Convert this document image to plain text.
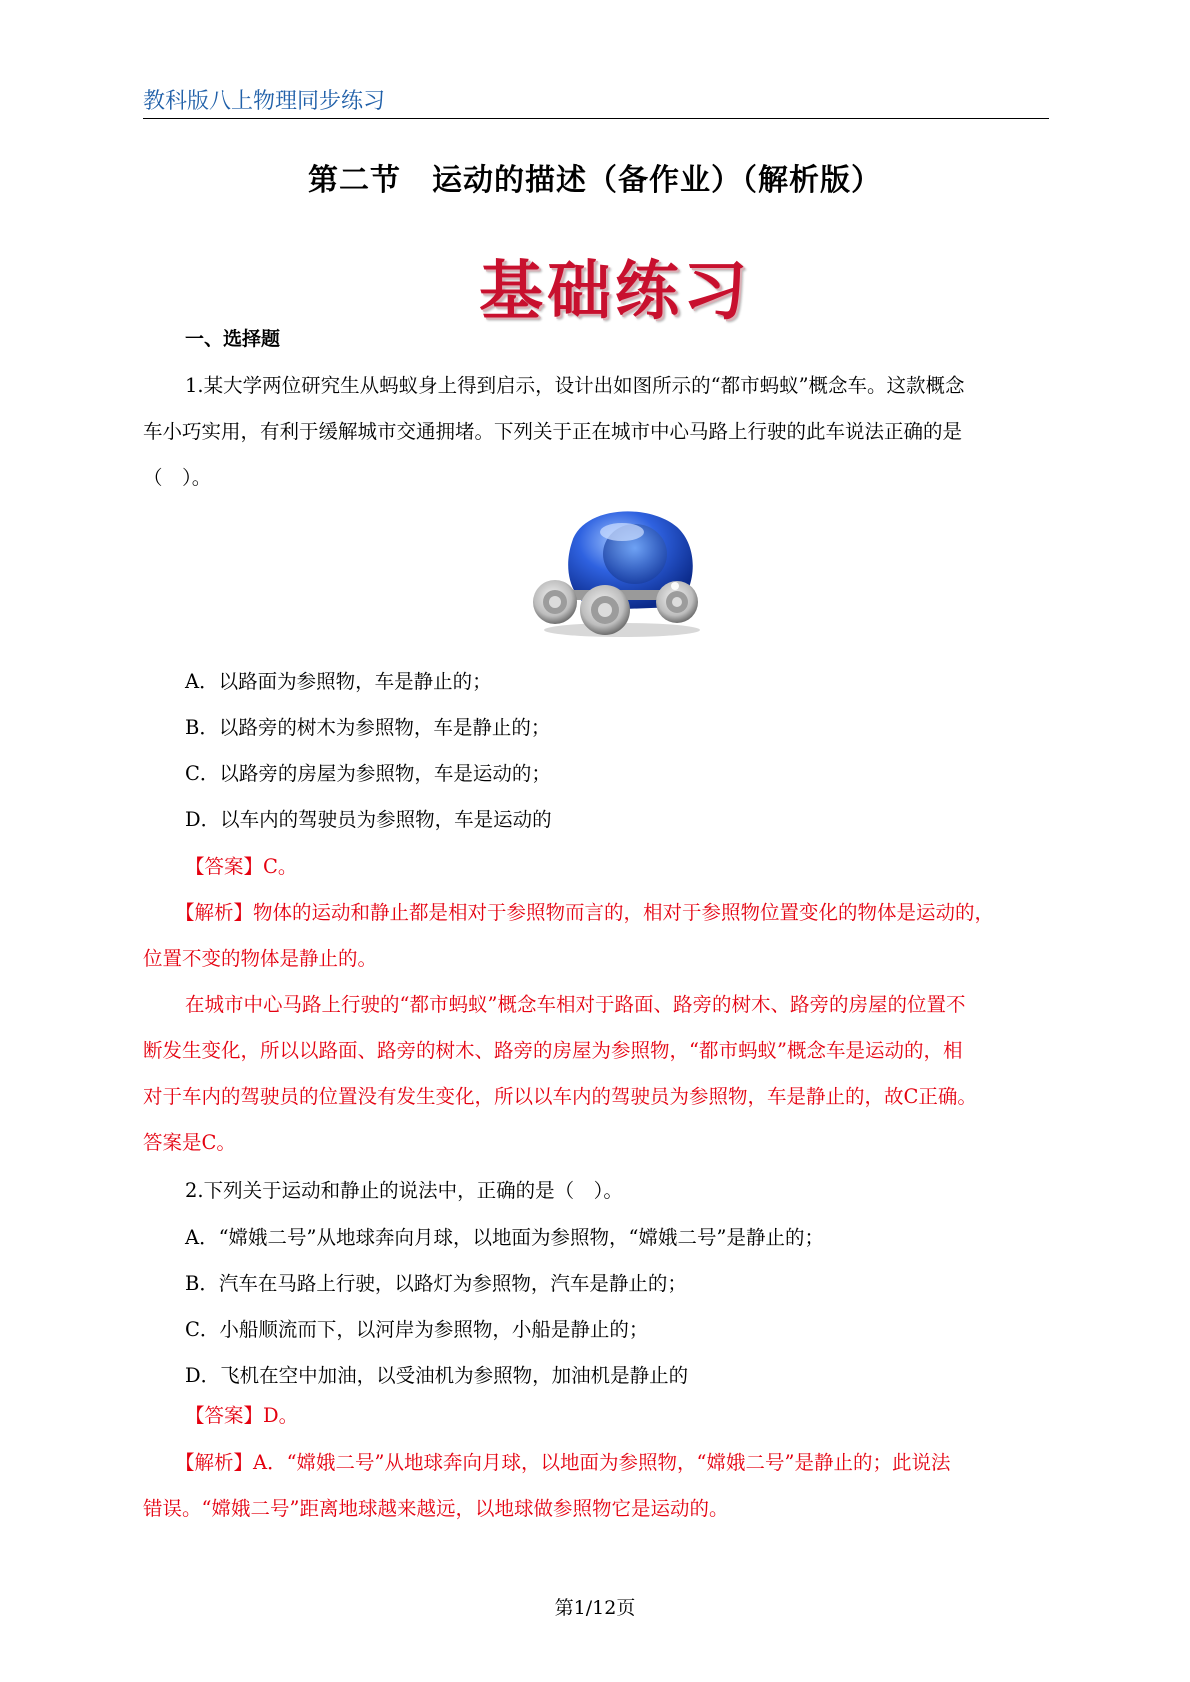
教科版八上物理同步练习
第二节　运动的描述（备作业）（解析版）
基础练习
一、选择题
1.某大学两位研究生从蚂蚁身上得到启示，设计出如图所示的“都市蚂蚁”概念车。这款概念
车小巧实用，有利于缓解城市交通拥堵。下列关于正在城市中心马路上行驶的此车说法正确的是
（　）。
A．以路面为参照物，车是静止的；
B．以路旁的树木为参照物，车是静止的；
C．以路旁的房屋为参照物，车是运动的；
D．以车内的驾驶员为参照物，车是运动的
【答案】C。
【解析】物体的运动和静止都是相对于参照物而言的，相对于参照物位置变化的物体是运动的，
位置不变的物体是静止的。
在城市中心马路上行驶的“都市蚂蚁”概念车相对于路面、路旁的树木、路旁的房屋的位置不
断发生变化，所以以路面、路旁的树木、路旁的房屋为参照物，“都市蚂蚁”概念车是运动的，相
对于车内的驾驶员的位置没有发生变化，所以以车内的驾驶员为参照物，车是静止的，故C正确。
答案是C。
2.下列关于运动和静止的说法中，正确的是（　）。
A．“嫦娥二号”从地球奔向月球，以地面为参照物，“嫦娥二号”是静止的；
B．汽车在马路上行驶，以路灯为参照物，汽车是静止的；
C．小船顺流而下，以河岸为参照物，小船是静止的；
D．飞机在空中加油，以受油机为参照物，加油机是静止的
【答案】D。
【解析】A．“嫦娥二号”从地球奔向月球，以地面为参照物，“嫦娥二号”是静止的；此说法
错误。“嫦娥二号”距离地球越来越远，以地球做参照物它是运动的。
第1/12页
